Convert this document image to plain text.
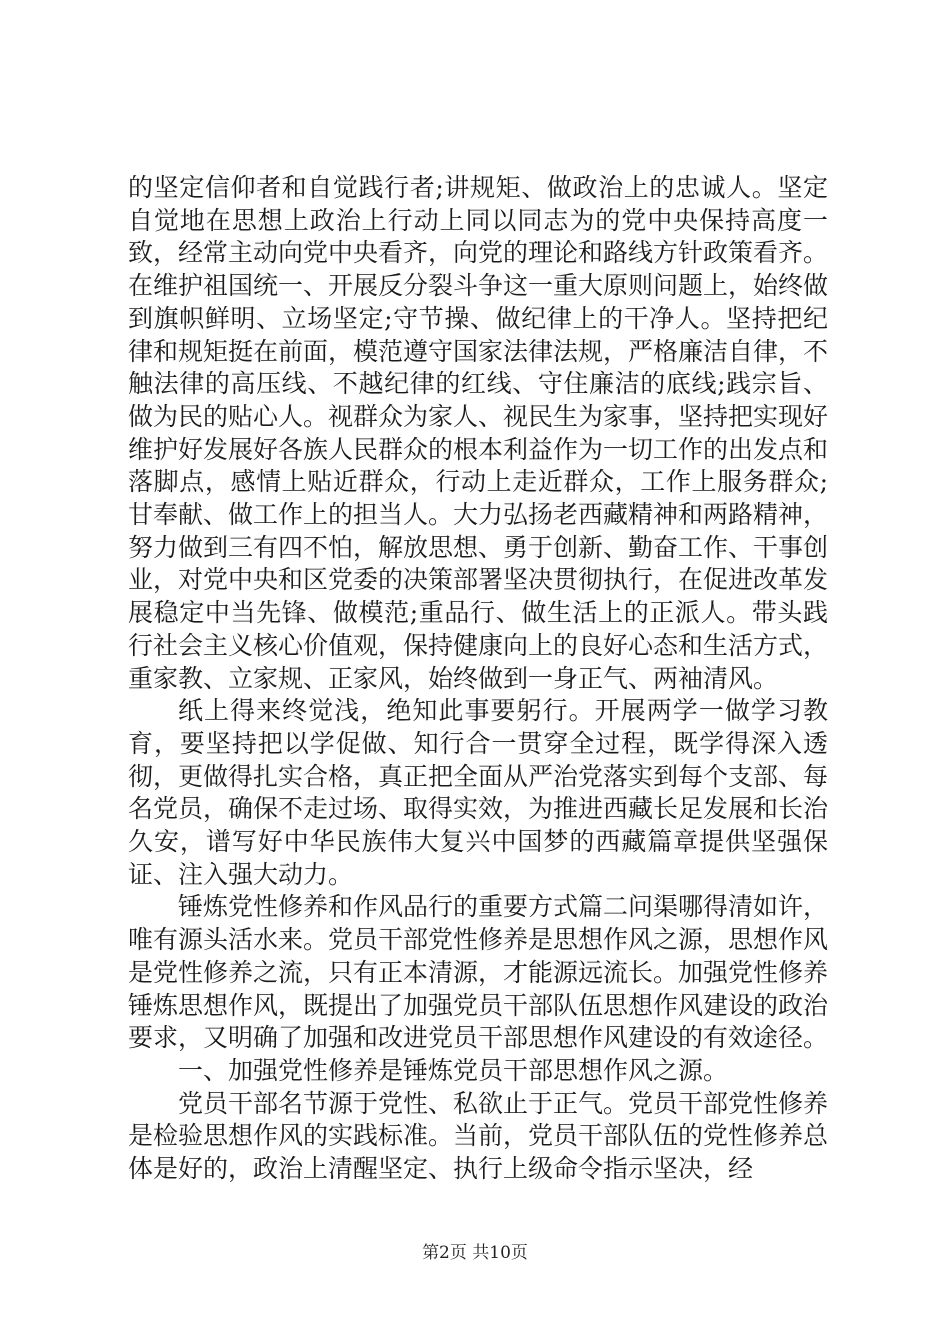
的坚定信仰者和自觉践行者;讲规矩、做政治上的忠诚人。坚定自觉地在思想上政治上行动上同以同志为的党中央保持高度一致，经常主动向党中央看齐，向党的理论和路线方针政策看齐。在维护祖国统一、开展反分裂斗争这一重大原则问题上，始终做到旗帜鲜明、立场坚定;守节操、做纪律上的干净人。坚持把纪律和规矩挺在前面，模范遵守国家法律法规，严格廉洁自律，不触法律的高压线、不越纪律的红线、守住廉洁的底线;践宗旨、做为民的贴心人。视群众为家人、视民生为家事，坚持把实现好维护好发展好各族人民群众的根本利益作为一切工作的出发点和落脚点，感情上贴近群众，行动上走近群众，工作上服务群众;甘奉献、做工作上的担当人。大力弘扬老西藏精神和两路精神，努力做到三有四不怕，解放思想、勇于创新、勤奋工作、干事创业，对党中央和区党委的决策部署坚决贯彻执行，在促进改革发展稳定中当先锋、做模范;重品行、做生活上的正派人。带头践行社会主义核心价值观，保持健康向上的良好心态和生活方式，重家教、立家规、正家风，始终做到一身正气、两袖清风。

纸上得来终觉浅，绝知此事要躬行。开展两学一做学习教育，要坚持把以学促做、知行合一贯穿全过程，既学得深入透彻，更做得扎实合格，真正把全面从严治党落实到每个支部、每名党员，确保不走过场、取得实效，为推进西藏长足发展和长治久安，谱写好中华民族伟大复兴中国梦的西藏篇章提供坚强保证、注入强大动力。

锤炼党性修养和作风品行的重要方式篇二问渠哪得清如许，唯有源头活水来。党员干部党性修养是思想作风之源，思想作风是党性修养之流，只有正本清源，才能源远流长。加强党性修养锤炼思想作风，既提出了加强党员干部队伍思想作风建设的政治要求，又明确了加强和改进党员干部思想作风建设的有效途径。

一、加强党性修养是锤炼党员干部思想作风之源。

党员干部名节源于党性、私欲止于正气。党员干部党性修养是检验思想作风的实践标准。当前，党员干部队伍的党性修养总体是好的，政治上清醒坚定、执行上级命令指示坚决，经

第2页 共10页
